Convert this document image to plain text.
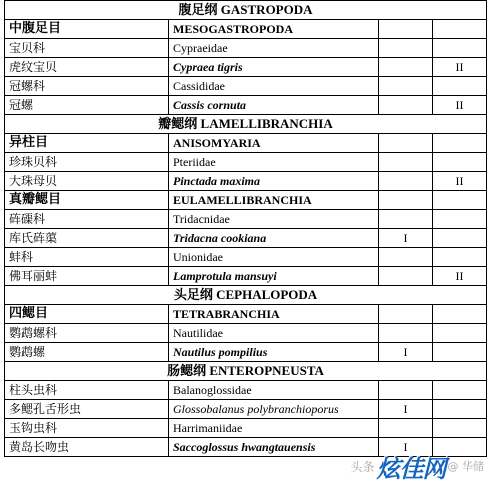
腹足纲 GASTROPODA			
中腹足目	MESOGASTROPODA		
宝贝科	Cypraeidae		
虎纹宝贝	Cypraea tigris		II
冠螺科	Cassididae		
冠螺	Cassis cornuta		II
瓣鳃纲 LAMELLIBRANCHIA			
异柱目	ANISOMYARIA		
珍珠贝科	Pteriidae		
大珠母贝	Pinctada maxima		II
真瓣鳃目	EULAMELLIBRANCHIA		
砗磲科	Tridacnidae		
库氏砗蕖	Tridacna cookiana	I	
蚌科	Unionidae		
佛耳丽蚌	Lamprotula mansuyi		II
头足纲 CEPHALOPODA			
四鳃目	TETRABRANCHIA		
鹦鹉螺科	Nautilidae		
鹦鹉螺	Nautilus pompilius	I	
肠鳃纲 ENTEROPNEUSTA			
柱头虫科	Balanoglossidae		
多鳃孔舌形虫	Glossobalanus polybranchioporus	I	
玉钩虫科	Harrimaniidae		
黄岛长吻虫	Saccoglossus hwangtauensis	I	
头条 炫佳网 @ 华储
